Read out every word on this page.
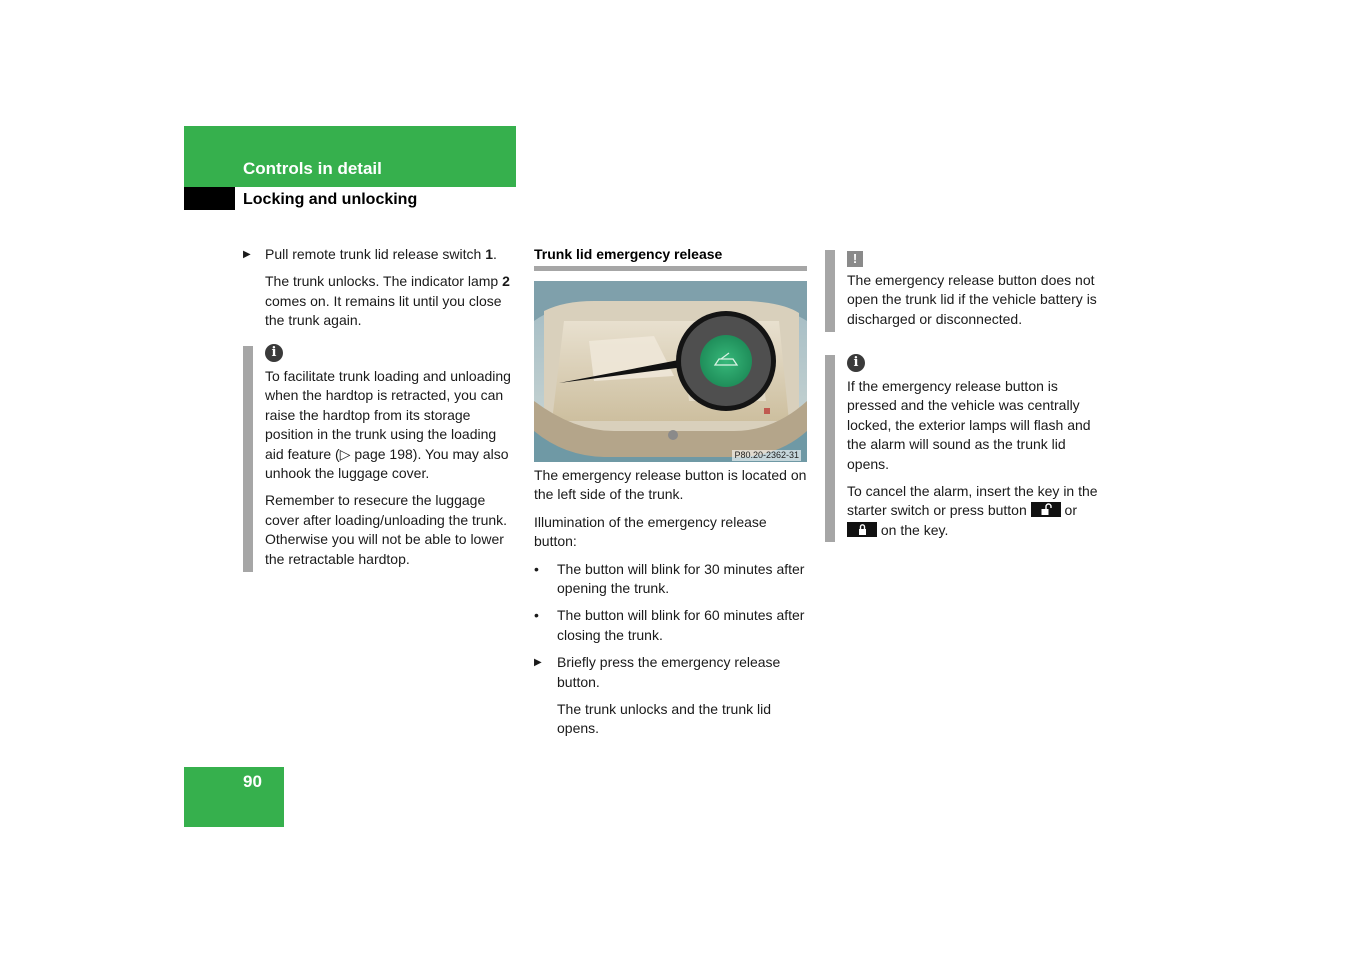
Controls in detail
Locking and unlocking
▶ Pull remote trunk lid release switch 1.

The trunk unlocks. The indicator lamp 2 comes on. It remains lit until you close the trunk again.

i

To facilitate trunk loading and unloading when the hardtop is retracted, you can raise the hardtop from its storage position in the trunk using the loading aid feature (▷ page 198). You may also unhook the luggage cover.

Remember to resecure the luggage cover after loading/unloading the trunk. Otherwise you will not be able to lower the retractable hardtop.

Trunk lid emergency release
P80.20-2362-31

The emergency release button is located on the left side of the trunk.

Illumination of the emergency release button:

• The button will blink for 30 minutes after opening the trunk.
• The button will blink for 60 minutes after closing the trunk.
▶ Briefly press the emergency release button.

The trunk unlocks and the trunk lid opens.

!

The emergency release button does not open the trunk lid if the vehicle battery is discharged or disconnected.

i

If the emergency release button is pressed and the vehicle was centrally locked, the exterior lamps will flash and the alarm will sound as the trunk lid opens.

To cancel the alarm, insert the key in the starter switch or press button
or
on the key.

90
